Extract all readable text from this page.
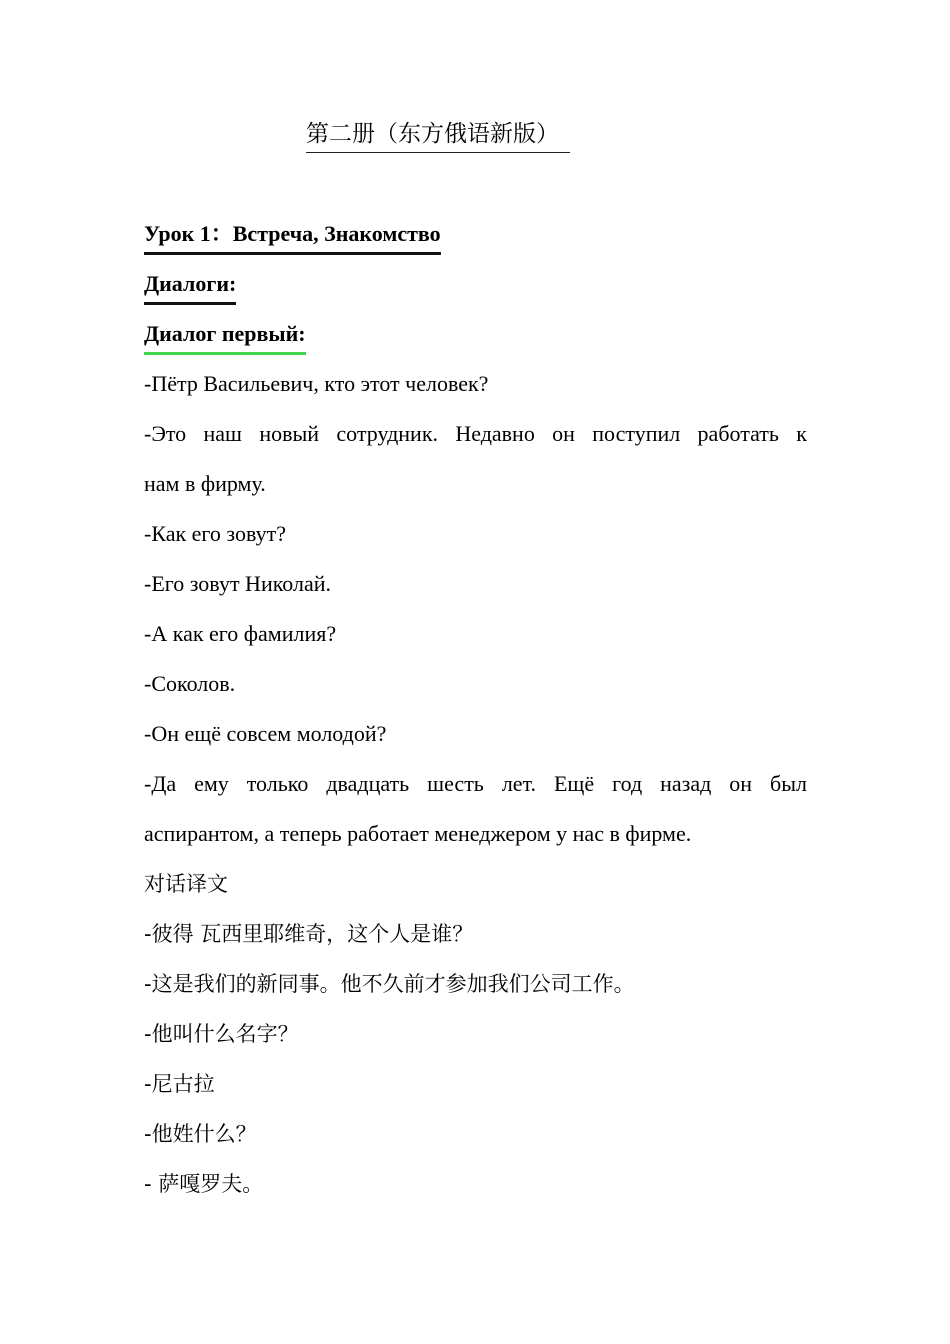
第二册（东方俄语新版）
Урок 1：Встреча, Знакомство
Диалоги:
Диалог первый:
-Пётр Васильевич, кто этот человек?
-Это наш новый сотрудник. Недавно он поступил работать к
нам в фирму.
-Как его зовут?
-Его зовут Николай.
-А как его фамилия?
-Соколов.
-Он ещё совсем молодой?
-Да ему только двадцать шесть лет. Ещё год назад он был
аспирантом, а теперь работает менеджером у нас в фирме.
对话译文
-彼得 瓦西里耶维奇，这个人是谁？
-这是我们的新同事。他不久前才参加我们公司工作。
-他叫什么名字？
-尼古拉
-他姓什么？
- 萨嘎罗夫。
